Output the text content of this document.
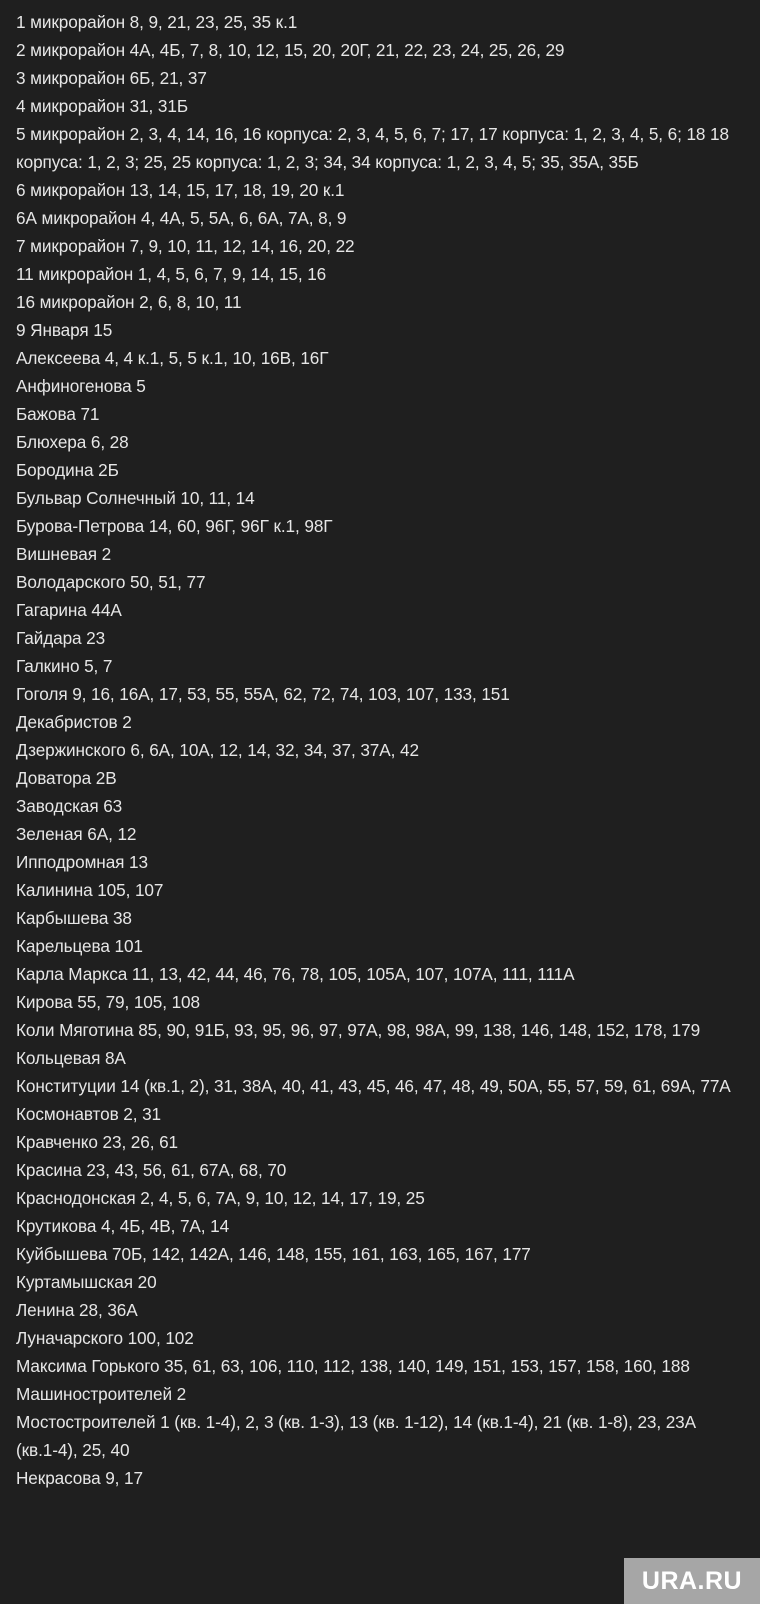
1 микрорайон 8, 9, 21, 23, 25, 35 к.1
2 микрорайон 4А, 4Б, 7, 8, 10, 12, 15, 20, 20Г, 21, 22, 23, 24, 25, 26, 29
3 микрорайон 6Б, 21, 37
4 микрорайон 31, 31Б
5 микрорайон 2, 3, 4, 14, 16, 16 корпуса: 2, 3, 4, 5, 6, 7; 17, 17 корпуса: 1, 2, 3, 4, 5, 6; 18 18 корпуса: 1, 2, 3; 25, 25 корпуса: 1, 2, 3; 34, 34 корпуса: 1, 2, 3, 4, 5; 35, 35А, 35Б
6 микрорайон 13, 14, 15, 17, 18, 19, 20 к.1
6А микрорайон 4, 4А, 5, 5А, 6, 6А, 7А, 8, 9
7 микрорайон 7, 9, 10, 11, 12, 14, 16, 20, 22
11 микрорайон 1, 4, 5, 6, 7, 9, 14, 15, 16
16 микрорайон 2, 6, 8, 10, 11
9 Января 15
Алексеева 4, 4 к.1, 5, 5 к.1, 10, 16В, 16Г
Анфиногенова 5
Бажова 71
Блюхера 6, 28
Бородина 2Б
Бульвар Солнечный 10, 11, 14
Бурова-Петрова 14, 60, 96Г, 96Г к.1, 98Г
Вишневая 2
Володарского 50, 51, 77
Гагарина 44А
Гайдара 23
Галкино 5, 7
Гоголя 9, 16, 16А, 17, 53, 55, 55А, 62, 72, 74, 103, 107, 133, 151
Декабристов 2
Дзержинского 6, 6А, 10А, 12, 14, 32, 34, 37, 37А, 42
Доватора 2В
Заводская 63
Зеленая 6А, 12
Ипподромная 13
Калинина 105, 107
Карбышева 38
Карельцева 101
Карла Маркса 11, 13, 42, 44, 46, 76, 78, 105, 105А, 107, 107А, 111, 111А
Кирова 55, 79, 105, 108
Коли Мяготина 85, 90, 91Б, 93, 95, 96, 97, 97А, 98, 98А, 99, 138, 146, 148, 152, 178, 179
Кольцевая 8А
Конституции 14 (кв.1, 2), 31, 38А, 40, 41, 43, 45, 46, 47, 48, 49, 50А, 55, 57, 59, 61, 69А, 77А
Космонавтов 2, 31
Кравченко 23, 26, 61
Красина 23, 43, 56, 61, 67А, 68, 70
Краснодонская 2, 4, 5, 6, 7А, 9, 10, 12, 14, 17, 19, 25
Крутикова 4, 4Б, 4В, 7А, 14
Куйбышева 70Б, 142, 142А, 146, 148, 155, 161, 163, 165, 167, 177
Куртамышская 20
Ленина 28, 36А
Луначарского 100, 102
Максима Горького 35, 61, 63, 106, 110, 112, 138, 140, 149, 151, 153, 157, 158, 160, 188
Машиностроителей 2
Мостостроителей 1 (кв. 1-4), 2, 3 (кв. 1-3), 13 (кв. 1-12), 14 (кв.1-4), 21 (кв. 1-8), 23, 23А (кв.1-4), 25, 40
Некрасова 9, 17
URA.RU
